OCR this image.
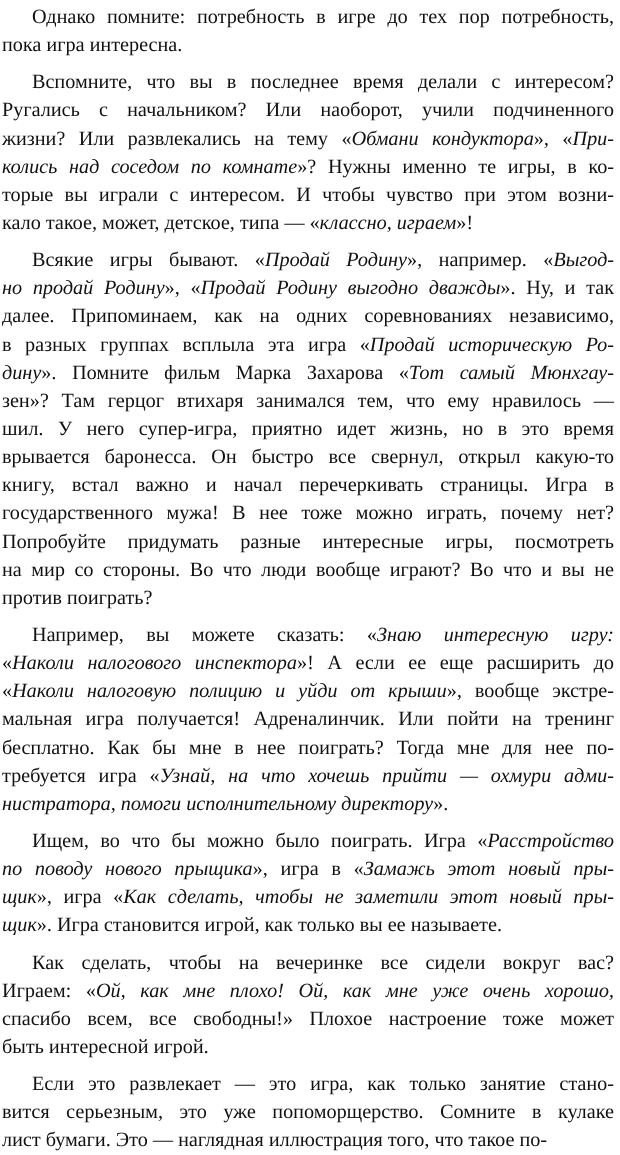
Однако помните: потребность в игре до тех пор потребность,
пока игра интересна.
Вспомните, что вы в последнее время делали с интересом?
Ругались с начальником? Или наоборот, учили подчиненного
жизни? Или развлекались на тему «Обмани кондуктора», «При-
колись над соседом по комнате»? Нужны именно те игры, в ко-
торые вы играли с интересом. И чтобы чувство при этом возни-
кало такое, может, детское, типа — «классно, играем»!
Всякие игры бывают. «Продай Родину», например. «Выгод-
но продай Родину», «Продай Родину выгодно дважды». Ну, и так
далее. Припоминаем, как на одних соревнованиях независимо,
в разных группах всплыла эта игра «Продай историческую Ро-
дину». Помните фильм Марка Захарова «Тот самый Мюнхгау-
зен»? Там герцог втихаря занимался тем, что ему нравилось —
шил. У него супер-игра, приятно идет жизнь, но в это время
врывается баронесса. Он быстро все свернул, открыл какую-то
книгу, встал важно и начал перечеркивать страницы. Игра в
государственного мужа! В нее тоже можно играть, почему нет?
Попробуйте придумать разные интересные игры, посмотреть
на мир со стороны. Во что люди вообще играют? Во что и вы не
против поиграть?
Например, вы можете сказать: «Знаю интересную игру:
«Наколи налогового инспектора»! А если ее еще расширить до
«Наколи налоговую полицию и уйди от крыши», вообще экстре-
мальная игра получается! Адреналинчик. Или пойти на тренинг
бесплатно. Как бы мне в нее поиграть? Тогда мне для нее по-
требуется игра «Узнай, на что хочешь прийти — охмури адми-
нистратора, помоги исполнительному директору».
Ищем, во что бы можно было поиграть. Игра «Расстройство
по поводу нового прыщика», игра в «Замажь этот новый пры-
щик», игра «Как сделать, чтобы не заметили этот новый пры-
щик». Игра становится игрой, как только вы ее называете.
Как сделать, чтобы на вечеринке все сидели вокруг вас?
Играем: «Ой, как мне плохо! Ой, как мне уже очень хорошо,
спасибо всем, все свободны!» Плохое настроение тоже может
быть интересной игрой.
Если это развлекает — это игра, как только занятие стано-
вится серьезным, это уже попоморщерство. Сомните в кулаке
лист бумаги. Это — наглядная иллюстрация того, что такое по-
